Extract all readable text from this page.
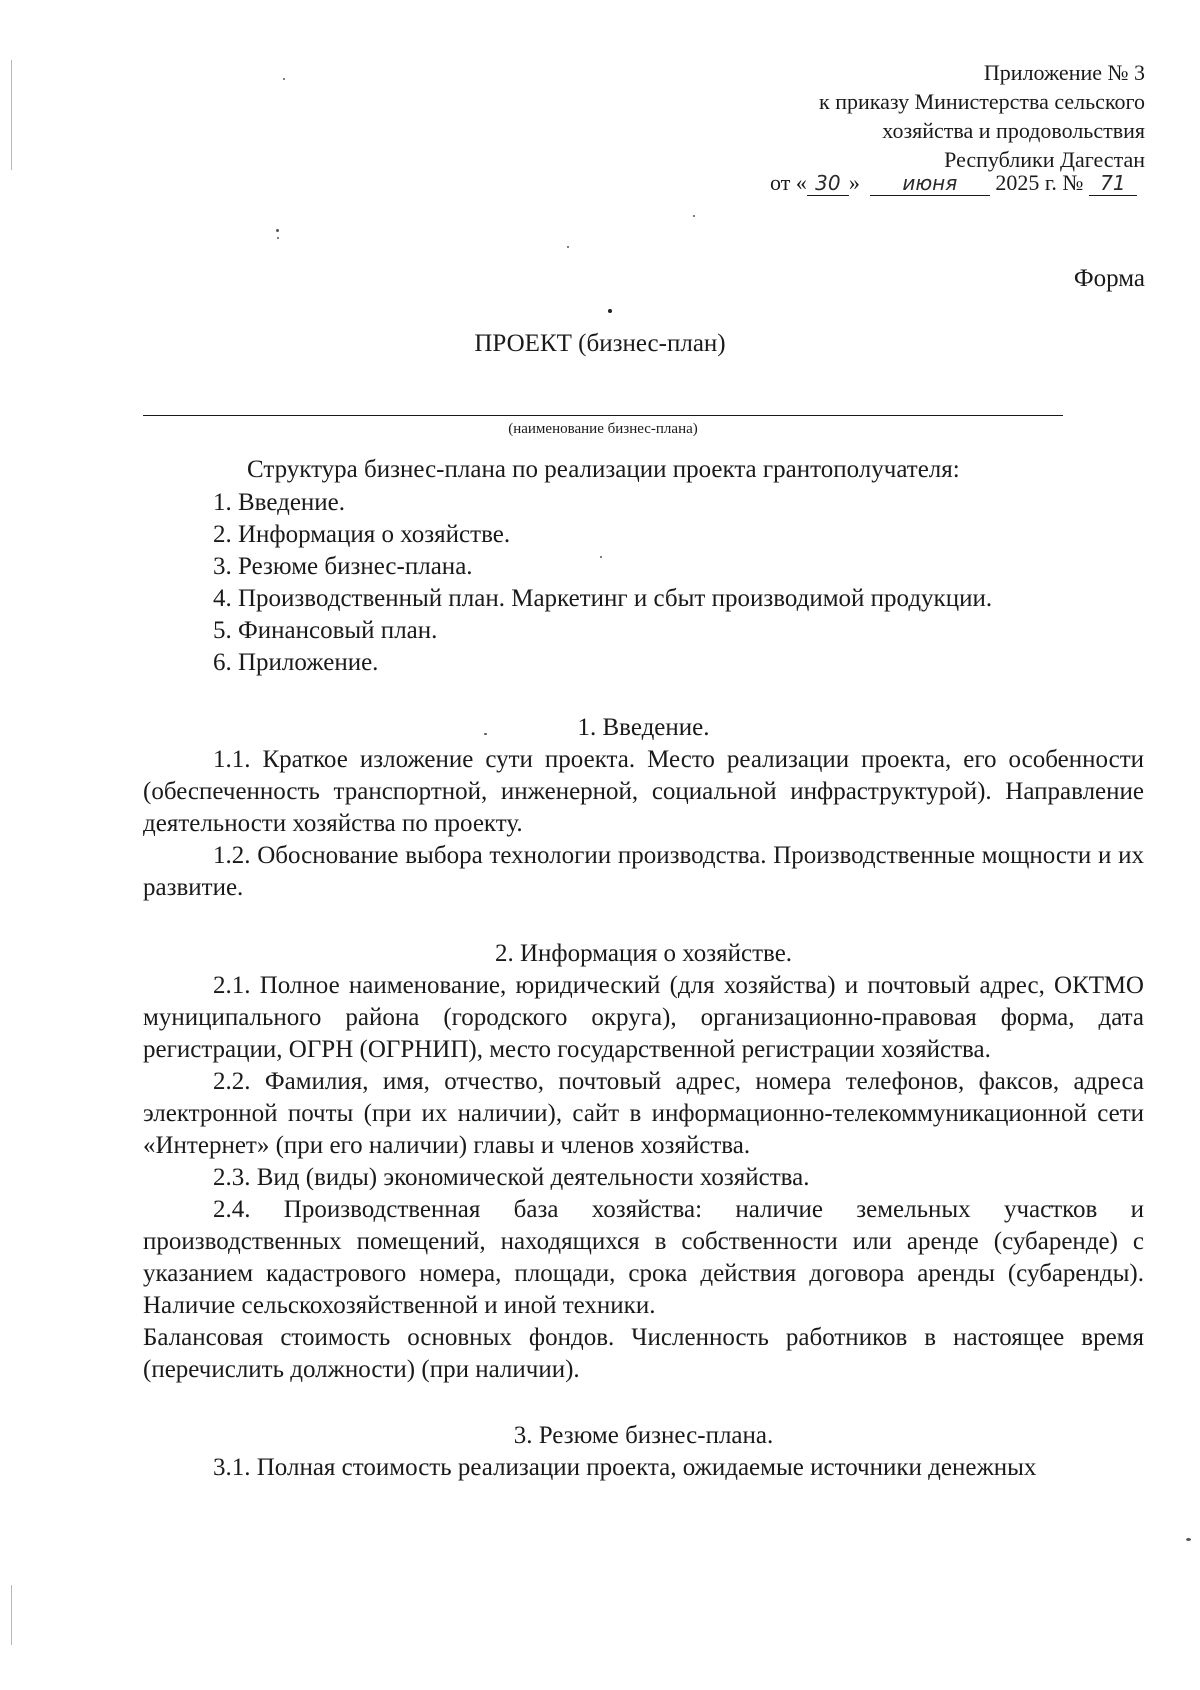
Приложение № 3
к приказу Министерства сельского
хозяйства и продовольствия
Республики Дагестан
от « 30 » июня 2025 г. № 71
Форма
ПРОЕКТ (бизнес-план)
(наименование бизнес-плана)
Структура бизнес-плана по реализации проекта грантополучателя:
1. Введение.
2. Информация о хозяйстве.
3. Резюме бизнес-плана.
4. Производственный план. Маркетинг и сбыт производимой продукции.
5. Финансовый план.
6. Приложение.
1. Введение.

1.1. Краткое изложение сути проекта. Место реализации проекта, его особенности (обеспеченность транспортной, инженерной, социальной инфраструктурой). Направление деятельности хозяйства по проекту.

1.2. Обоснование выбора технологии производства. Производственные мощности и их развитие.

2. Информация о хозяйстве.

2.1. Полное наименование, юридический (для хозяйства) и почтовый адрес, ОКТМО муниципального района (городского округа), организационно-правовая форма, дата регистрации, ОГРН (ОГРНИП), место государственной регистрации хозяйства.

2.2. Фамилия, имя, отчество, почтовый адрес, номера телефонов, факсов, адреса электронной почты (при их наличии), сайт в информационно-телекоммуникационной сети «Интернет» (при его наличии) главы и членов хозяйства.

2.3. Вид (виды) экономической деятельности хозяйства.

2.4. Производственная база хозяйства: наличие земельных участков и производственных помещений, находящихся в собственности или аренде (субаренде) с указанием кадастрового номера, площади, срока действия договора аренды (субаренды). Наличие сельскохозяйственной и иной техники.

Балансовая стоимость основных фондов. Численность работников в настоящее время (перечислить должности) (при наличии).

3. Резюме бизнес-плана.

3.1. Полная стоимость реализации проекта, ожидаемые источники денежных
